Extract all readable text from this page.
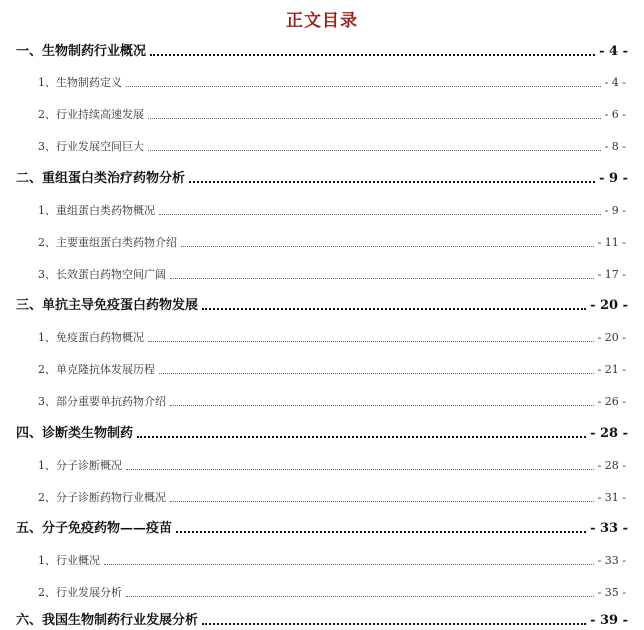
正文目录
一、生物制药行业概况	- 4 -
1、生物制药定义	- 4 -
2、行业持续高速发展	- 6 -
3、行业发展空间巨大	- 8 -
二、重组蛋白类治疗药物分析	- 9 -
1、重组蛋白类药物概况	- 9 -
2、主要重组蛋白类药物介绍	- 11 -
3、长效蛋白药物空间广阔	- 17 -
三、单抗主导免疫蛋白药物发展	- 20 -
1、免疫蛋白药物概况	- 20 -
2、单克隆抗体发展历程	- 21 -
3、部分重要单抗药物介绍	- 26 -
四、诊断类生物制药	- 28 -
1、分子诊断概况	- 28 -
2、分子诊断药物行业概况	- 31 -
五、分子免疫药物——疫苗	- 33 -
1、行业概况	- 33 -
2、行业发展分析	- 35 -
六、我国生物制药行业发展分析	- 39 -
